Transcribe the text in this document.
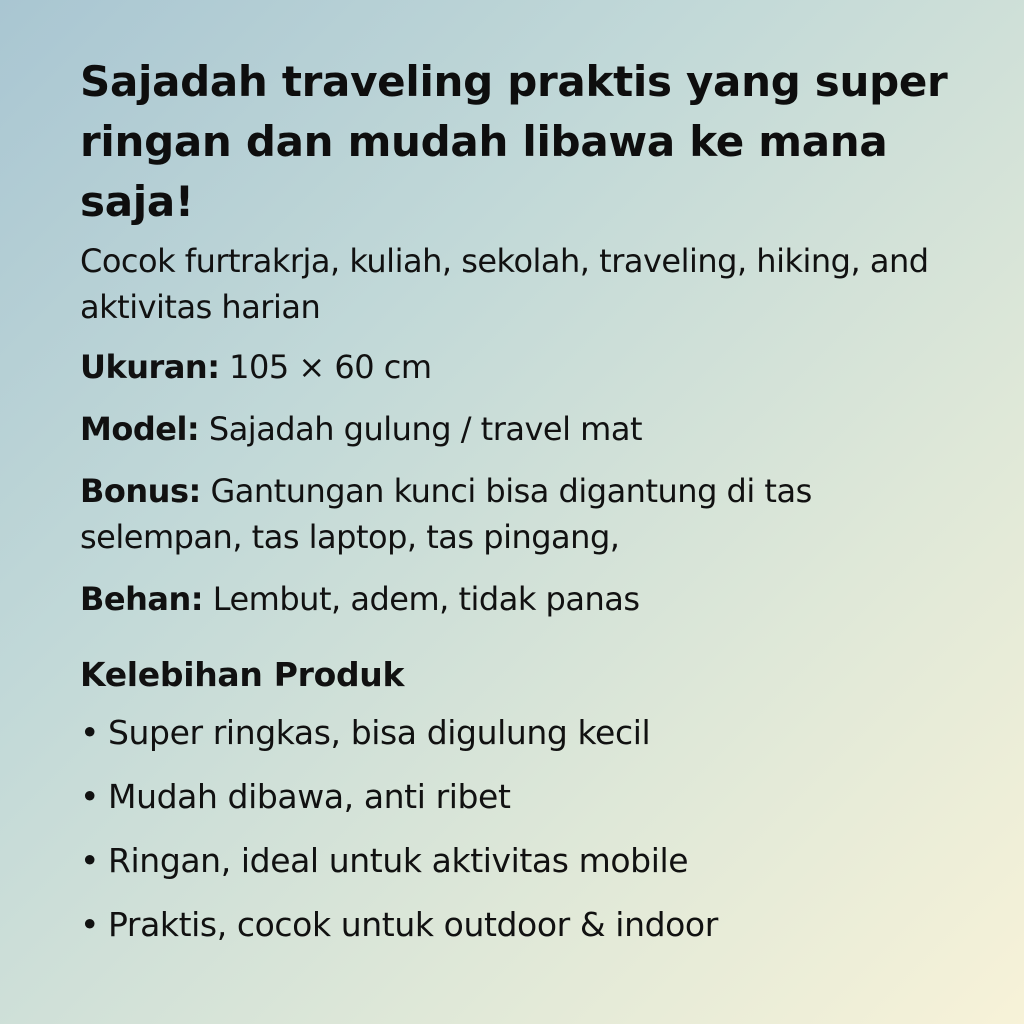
Sajadah traveling praktis yang super ringan dan mudah libawa ke mana saja!

Cocok furtrakrja, kuliah, sekolah, traveling, hiking, and aktivitas harian

Ukuran: 105 × 60 cm
Model: Sajadah gulung / travel mat
Bonus: Gantungan kunci bisa digantung di tas selempan, tas laptop, tas pingang,
Behan: Lembut, adem, tidak panas
Kelebihan Produk
• Super ringkas, bisa digulung kecil
• Mudah dibawa, anti ribet
• Ringan, ideal untuk aktivitas mobile
• Praktis, cocok untuk outdoor & indoor
